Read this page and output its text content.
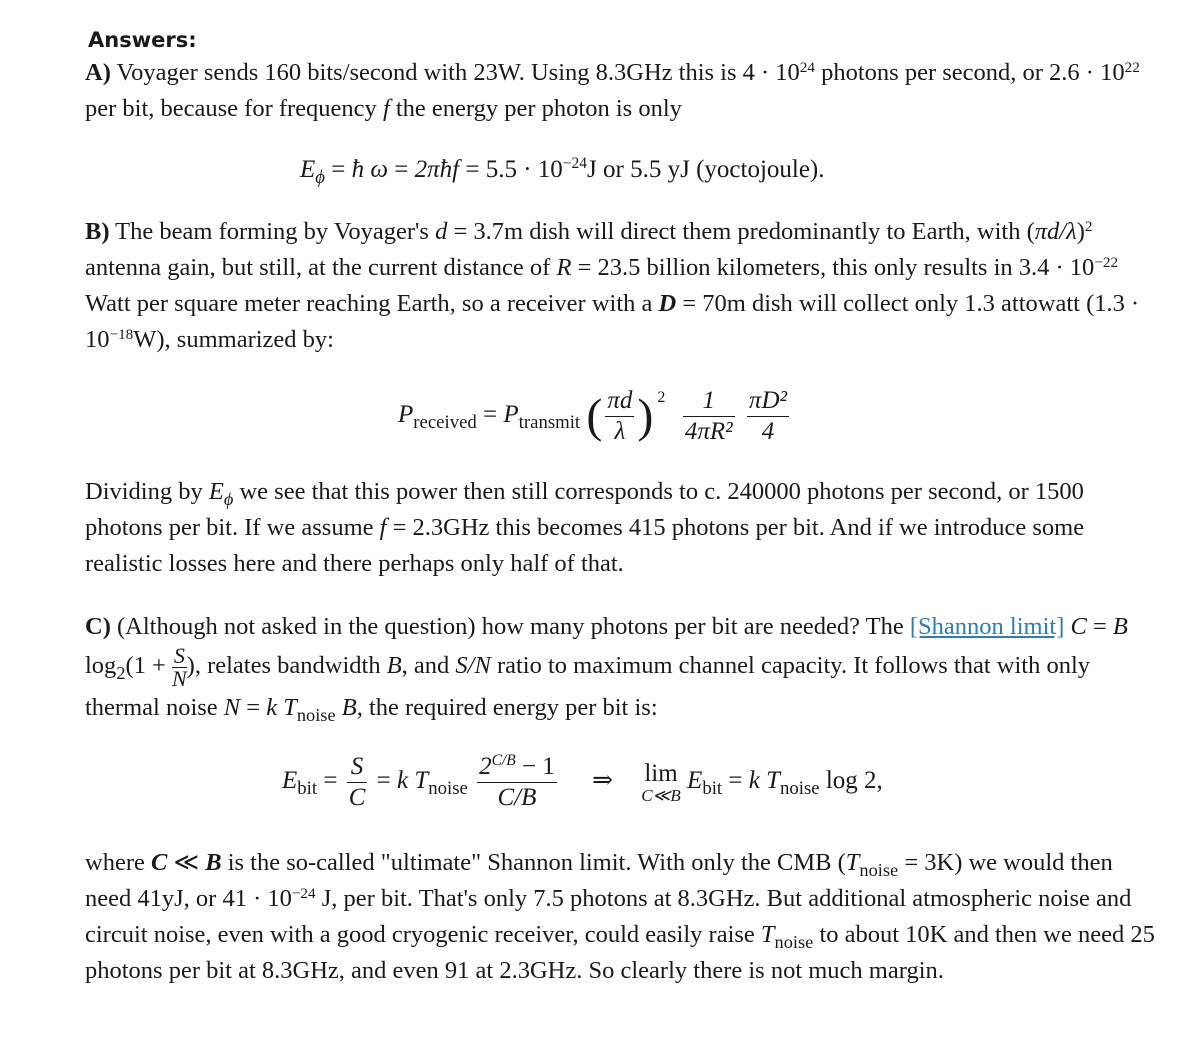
Answers:

A) Voyager sends 160 bits/second with 23W. Using 8.3GHz this is $4 \cdot 10^{24}$ photons per second, or $2.6 \cdot 10^{22}$ per bit, because for frequency f the energy per photon is only

$E_\phi$ = ħ ω = 2πħf = $5.5 \cdot 10^{-24}J$ or 5.5 yJ (yoctojoule).

B) The beam forming by Voyager's d = 3.7m dish will direct them predominantly to Earth, with $(\pi d/\lambda)^2$ antenna gain, but still, at the current distance of R = 23.5 billion kilometers, this only results in $3.4 \cdot 10^{-22}$ Watt per square meter reaching Earth, so a receiver with a D = 70m dish will collect only 1.3 attowatt $(1.3 \cdot 10^{-18}W)$, summarized by:

$P_{received} = P_{transmit}$ ( $\frac{\pi d}{\lambda}$ ) 2
$\frac{1}{\text{4πR²}}$
$\frac{\text{πD²}}{4}$

Dividing by $E_\phi$ we see that this power then still corresponds to c. 240000 photons per second, or 1500 photons per bit. If we assume f = 2.3GHz this becomes 415 photons per bit. And if we introduce some realistic losses here and there perhaps only half of that.

C) (Although not asked in the question) how many photons per bit are needed? The [Shannon limit] C = B $\log_2(1 + \frac{S}{N}$ ), relates bandwidth B, and S/N ratio to maximum channel capacity. It follows that with only thermal noise N = k $T_{noise}$ B, the required energy per bit is:

$E_{bit} = \frac{S}{C} = k$ $T_{noise} \frac{2^{C/B} - 1}{C/B}$ ⇒ lim
C≪B
$E_{bit} = k$ $T_{noise}$ log 2,

where C ≪ B is the so-called "ultimate" Shannon limit. With only the CMB $(T_{noise} = 3K)$ we would then need 41yJ, or $41 \cdot 10^{-24}$ J, per bit. That's only 7.5 photons at 8.3GHz. But additional atmospheric noise and circuit noise, even with a good cryogenic receiver, could easily raise $T_{noise}$ to about 10K and then we need 25 photons per bit at 8.3GHz, and even 91 at 2.3GHz. So clearly there is not much margin.
